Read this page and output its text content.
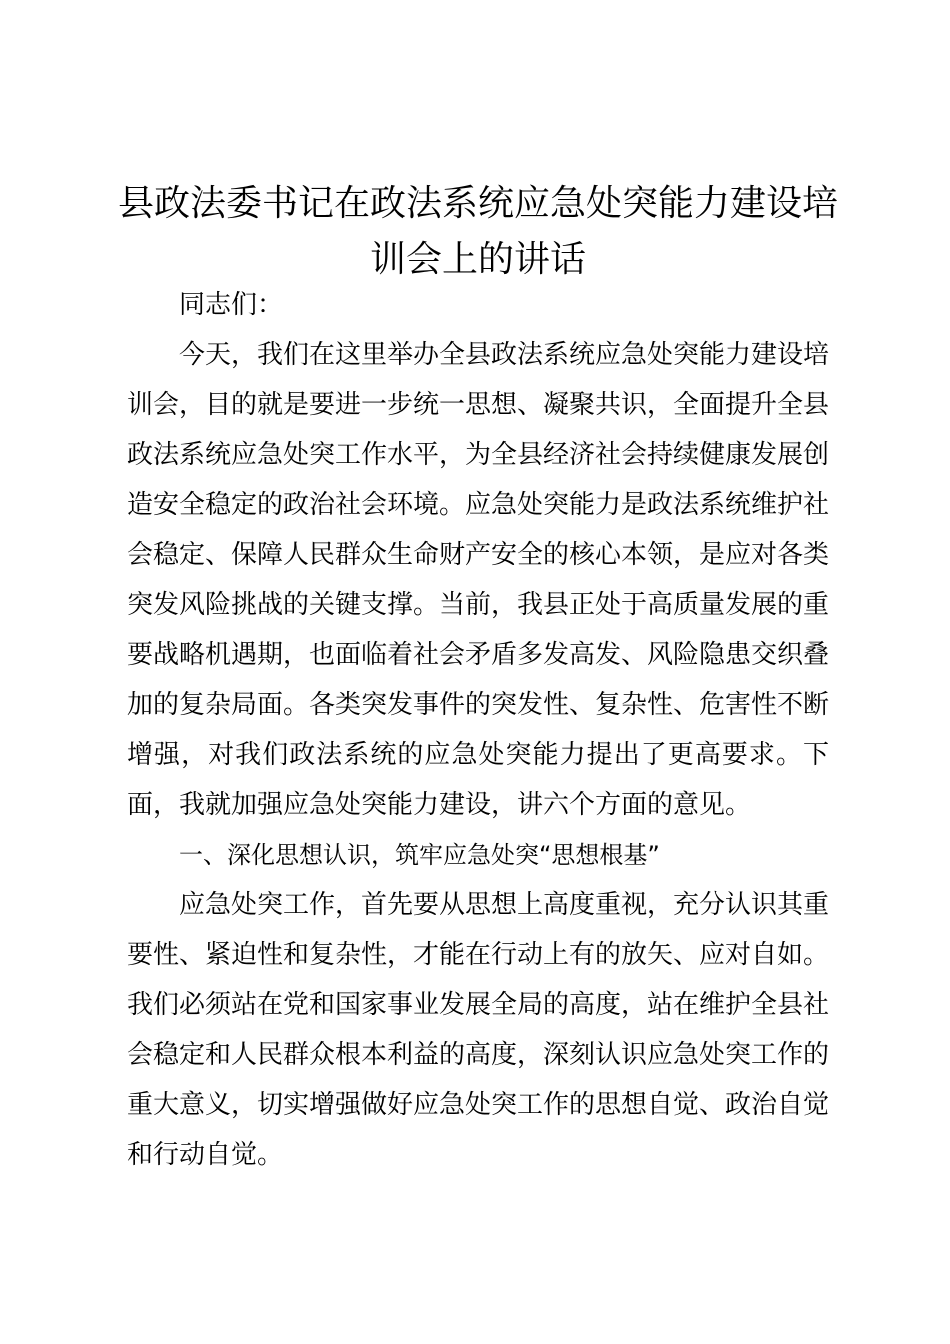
县政法委书记在政法系统应急处突能力建设培训会上的讲话

同志们：

今天，我们在这里举办全县政法系统应急处突能力建设培训会，目的就是要进一步统一思想、凝聚共识，全面提升全县政法系统应急处突工作水平，为全县经济社会持续健康发展创造安全稳定的政治社会环境。应急处突能力是政法系统维护社会稳定、保障人民群众生命财产安全的核心本领，是应对各类突发风险挑战的关键支撑。当前，我县正处于高质量发展的重要战略机遇期，也面临着社会矛盾多发高发、风险隐患交织叠加的复杂局面。各类突发事件的突发性、复杂性、危害性不断增强，对我们政法系统的应急处突能力提出了更高要求。下面，我就加强应急处突能力建设，讲六个方面的意见。

一、深化思想认识，筑牢应急处突“思想根基”

应急处突工作，首先要从思想上高度重视，充分认识其重要性、紧迫性和复杂性，才能在行动上有的放矢、应对自如。我们必须站在党和国家事业发展全局的高度，站在维护全县社会稳定和人民群众根本利益的高度，深刻认识应急处突工作的重大意义，切实增强做好应急处突工作的思想自觉、政治自觉和行动自觉。
